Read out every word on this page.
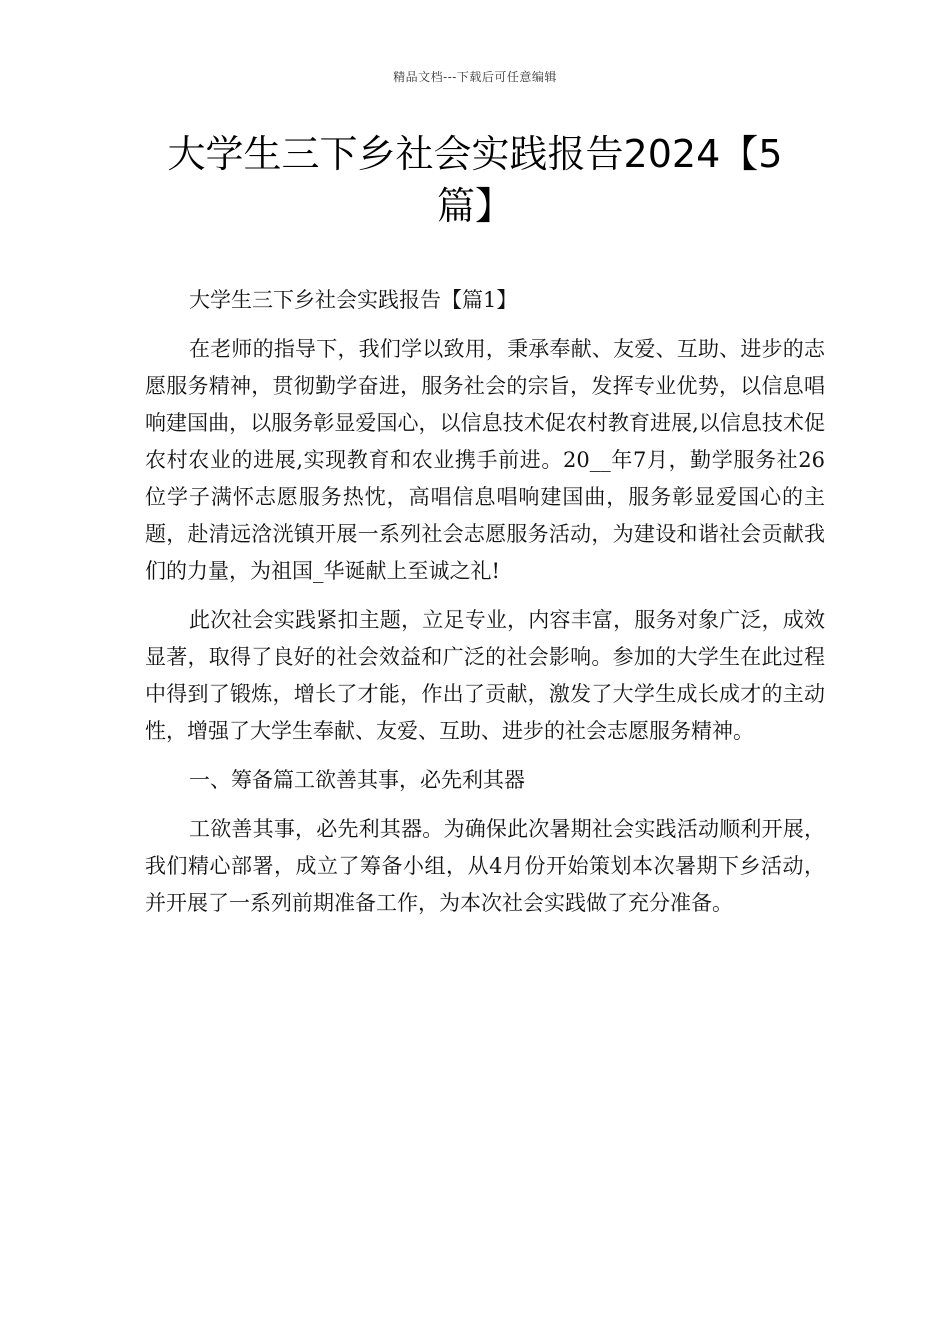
精品文档---下载后可任意编辑
大学生三下乡社会实践报告2024【5篇】

大学生三下乡社会实践报告【篇1】

在老师的指导下，我们学以致用，秉承奉献、友爱、互助、进步的志愿服务精神，贯彻勤学奋进，服务社会的宗旨，发挥专业优势，以信息唱响建国曲，以服务彰显爱国心，以信息技术促农村教育进展,以信息技术促农村农业的进展,实现教育和农业携手前进。20__年7月，勤学服务社26位学子满怀志愿服务热忱，高唱信息唱响建国曲，服务彰显爱国心的主题，赴清远浛洸镇开展一系列社会志愿服务活动，为建设和谐社会贡献我们的力量，为祖国_华诞献上至诚之礼!

此次社会实践紧扣主题，立足专业，内容丰富，服务对象广泛，成效显著，取得了良好的社会效益和广泛的社会影响。参加的大学生在此过程中得到了锻炼，增长了才能，作出了贡献，激发了大学生成长成才的主动性，增强了大学生奉献、友爱、互助、进步的社会志愿服务精神。

一、筹备篇工欲善其事，必先利其器

工欲善其事，必先利其器。为确保此次暑期社会实践活动顺利开展，我们精心部署，成立了筹备小组，从4月份开始策划本次暑期下乡活动，并开展了一系列前期准备工作，为本次社会实践做了充分准备。
